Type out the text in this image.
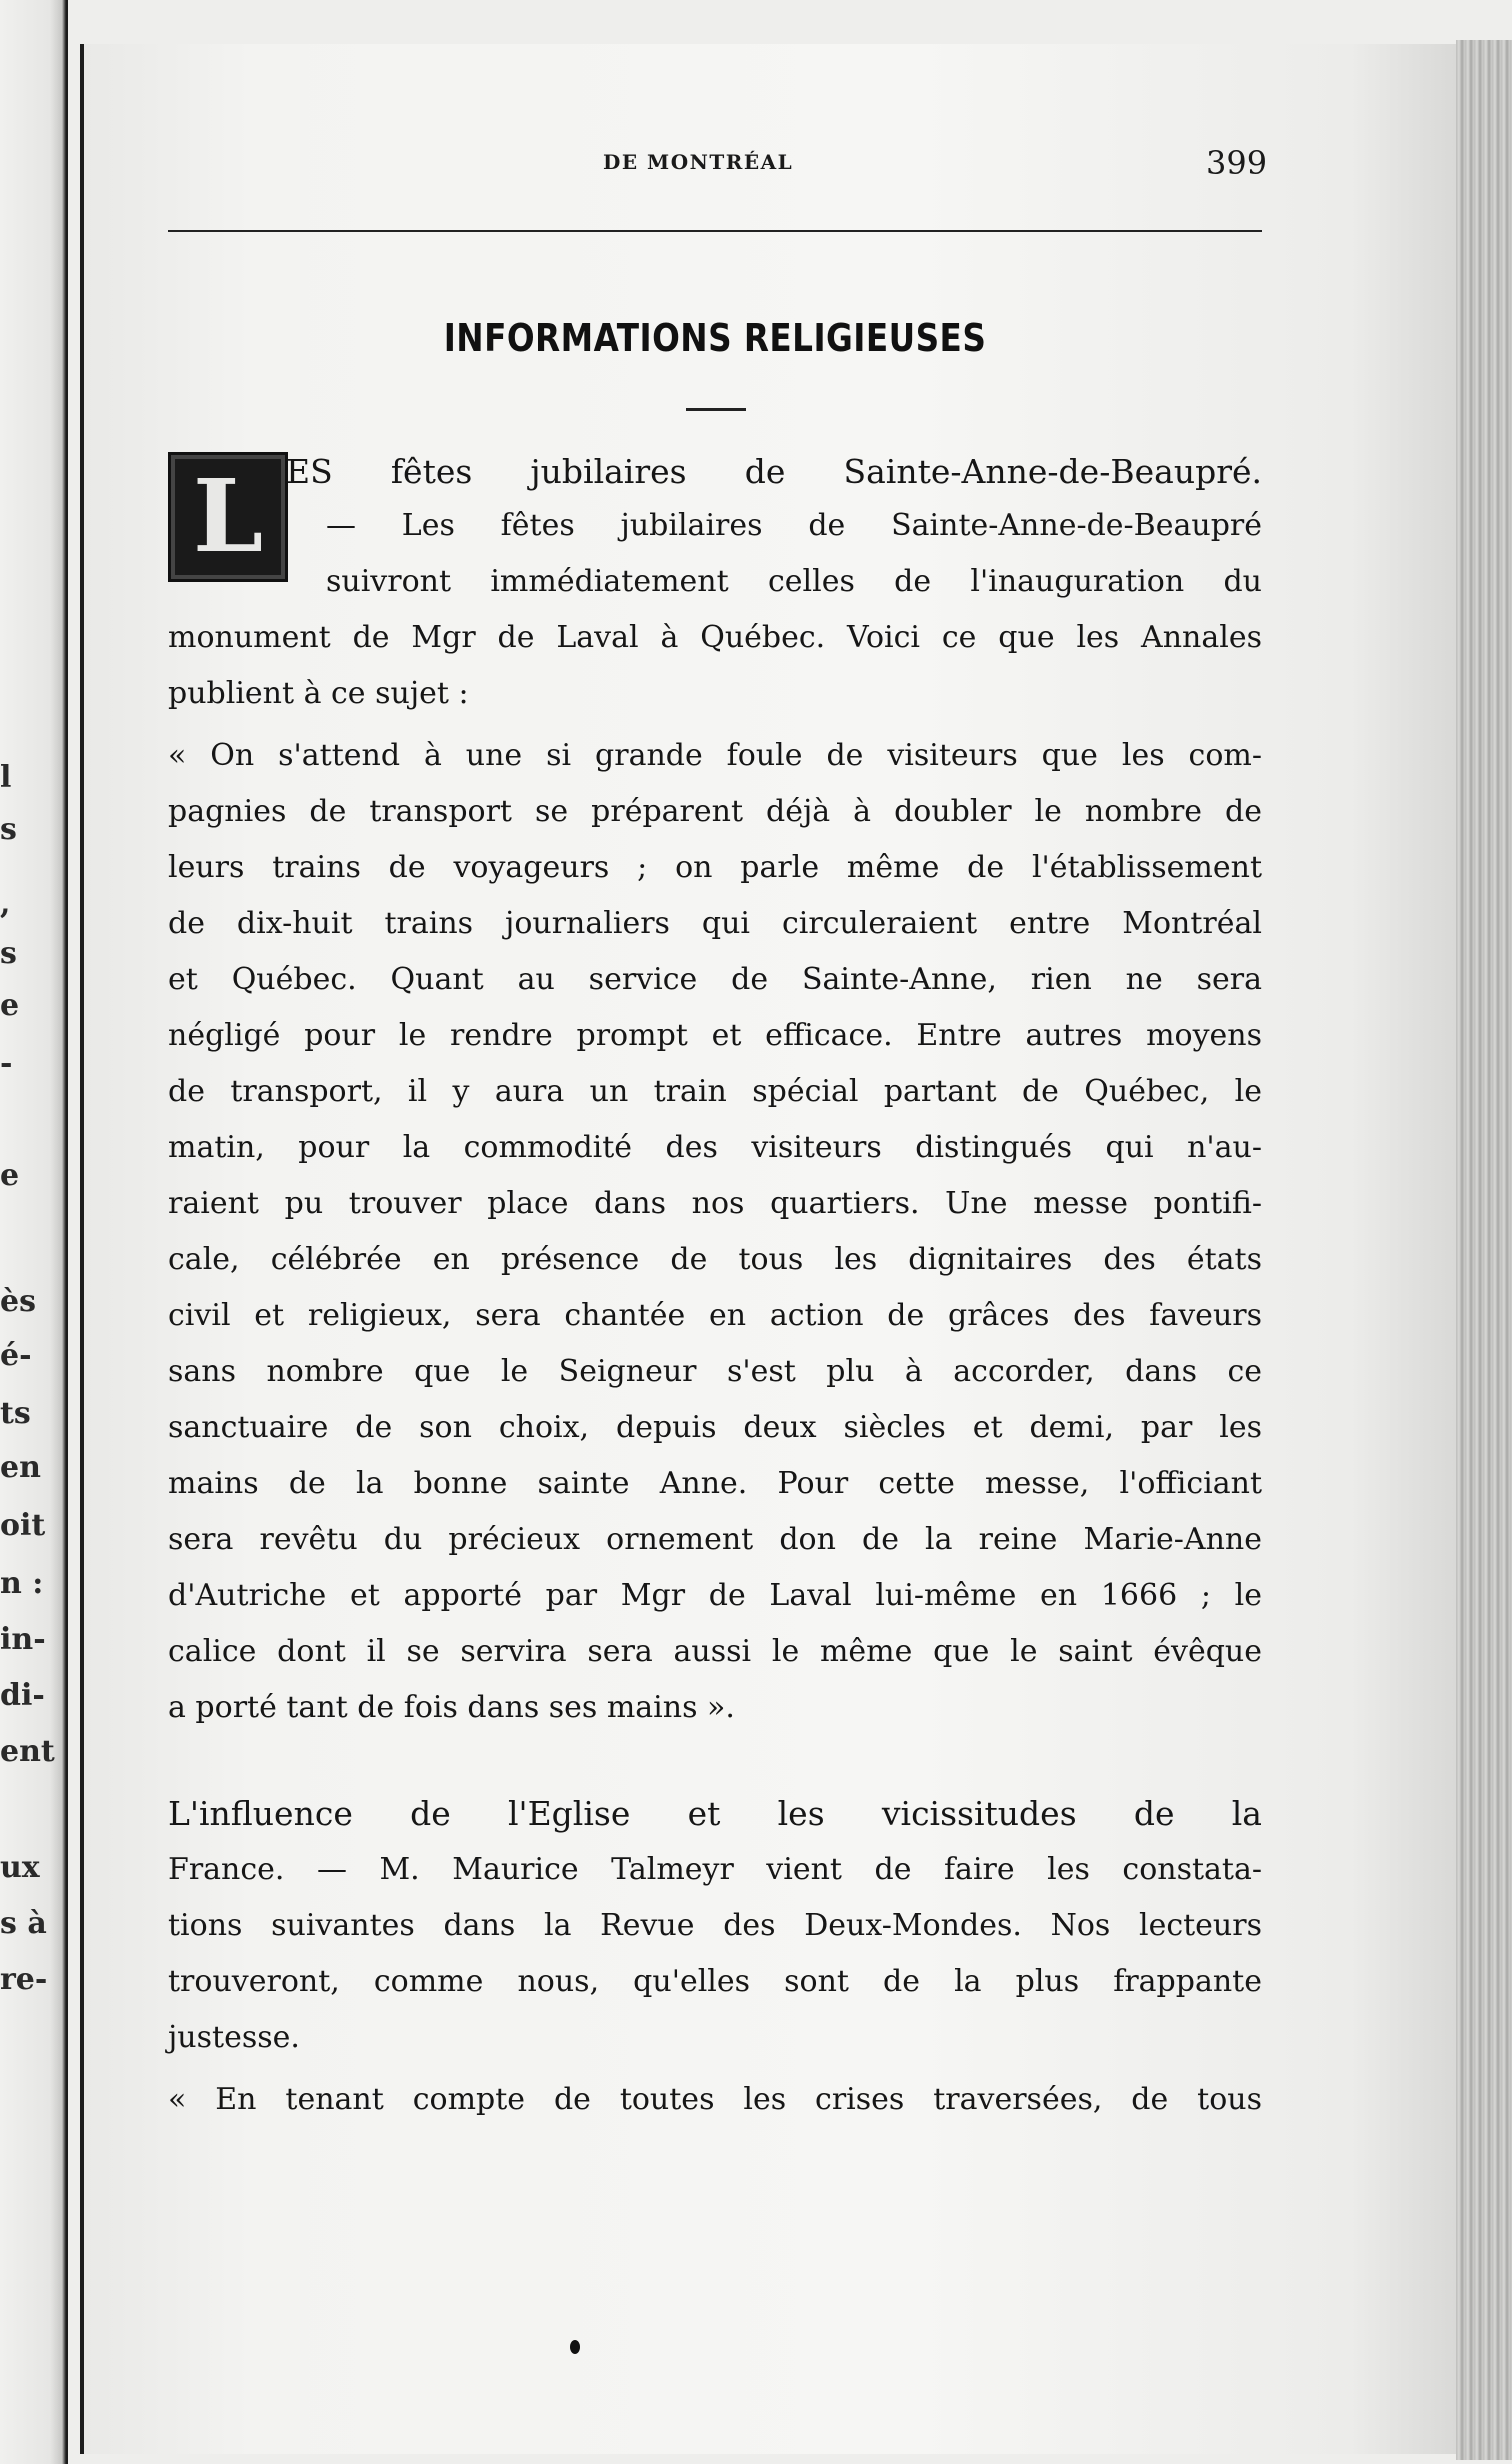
l
s
,
s
e
-
e
ès
é-
ts
en
oit
n :
in-
di-
ent
ux
s à
re-
DE MONTRÉAL	399
INFORMATIONS RELIGIEUSES
L ES fêtes jubilaires de Sainte-Anne-de-Beaupré.
— Les fêtes jubilaires de Sainte-Anne-de-Beaupré
suivront immédiatement celles de l'inauguration du
monument de Mgr de Laval à Québec. Voici ce que les Annales
publient à ce sujet :
« On s'attend à une si grande foule de visiteurs que les com-
pagnies de transport se préparent déjà à doubler le nombre de
leurs trains de voyageurs ; on parle même de l'établissement
de dix-huit trains journaliers qui circuleraient entre Montréal
et Québec. Quant au service de Sainte-Anne, rien ne sera
négligé pour le rendre prompt et efficace. Entre autres moyens
de transport, il y aura un train spécial partant de Québec, le
matin, pour la commodité des visiteurs distingués qui n'au-
raient pu trouver place dans nos quartiers. Une messe pontifi-
cale, célébrée en présence de tous les dignitaires des états
civil et religieux, sera chantée en action de grâces des faveurs
sans nombre que le Seigneur s'est plu à accorder, dans ce
sanctuaire de son choix, depuis deux siècles et demi, par les
mains de la bonne sainte Anne. Pour cette messe, l'officiant
sera revêtu du précieux ornement don de la reine Marie-Anne
d'Autriche et apporté par Mgr de Laval lui-même en 1666 ; le
calice dont il se servira sera aussi le même que le saint évêque
a porté tant de fois dans ses mains ».
L'influence de l'Eglise et les vicissitudes de la
France. — M. Maurice Talmeyr vient de faire les constata-
tions suivantes dans la Revue des Deux-Mondes. Nos lecteurs
trouveront, comme nous, qu'elles sont de la plus frappante
justesse.
« En tenant compte de toutes les crises traversées, de tous
